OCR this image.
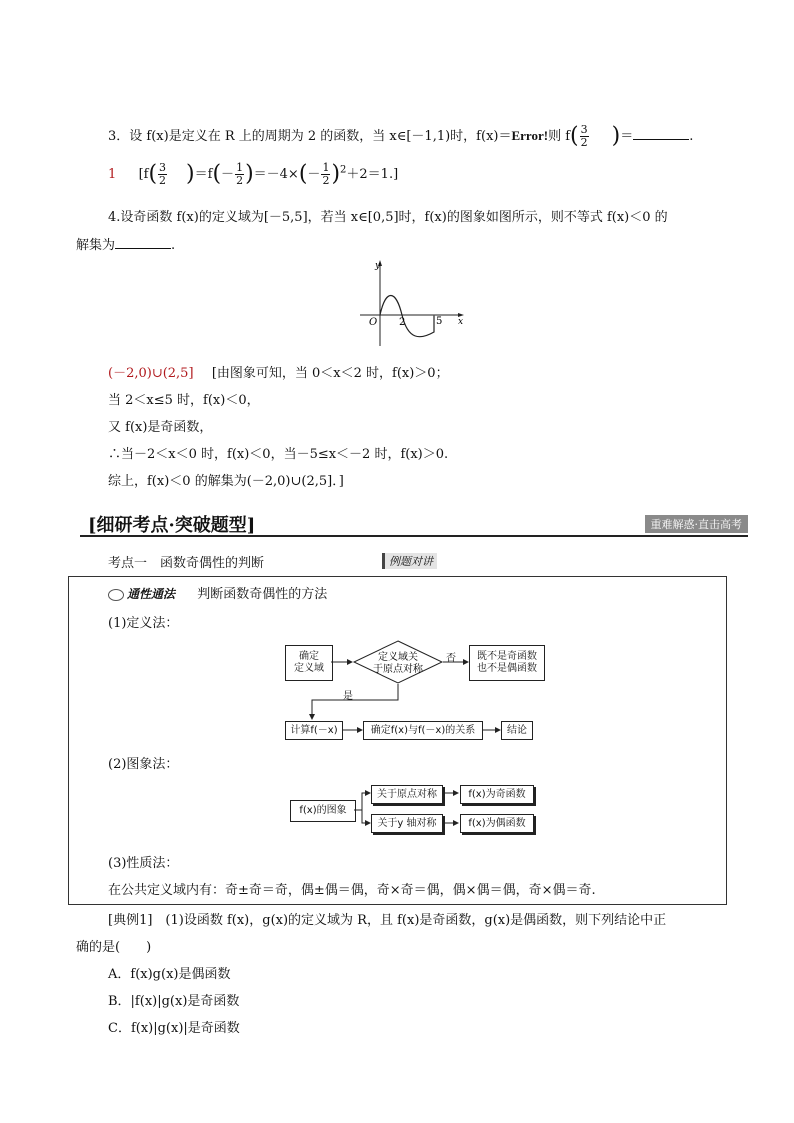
3．设 f(x)是定义在 R 上的周期为 2 的函数，当 x∈[－1,1)时，f(x)＝Error!则 $f( \frac{3}{2}$ )＝	.
1 $[f( \frac{3}{2} )=f(- \frac{1}{2} )=-4\times(- \frac{1}{2} )^2+2=1.]$
4.设奇函数 f(x)的定义域为[－5,5]，若当 x∈[0,5]时，f(x)的图象如图所示，则不等式 f(x)＜0 的
解集为	.
y
x
O 2	5
(－2,0)∪(2,5] [由图象可知，当 0＜x＜2 时，f(x)＞0；
当 2＜x≤5 时，f(x)＜0，
又 f(x)是奇函数，
∴当－2＜x＜0 时，f(x)＜0，当－5≤x＜－2 时，f(x)＞0.
综上，f(x)＜0 的解集为(－2,0)∪(2,5]．]
[细研考点·突破题型]	重难解惑·直击高考
考点一　函数奇偶性的判断	例题对讲
通性通法 判断函数奇偶性的方法
(1)定义法：
确定
定义域
定义域关
于原点对称
既不是奇函数
也不是偶函数
否
是
计算f(－x)	确定f(x)与f(－x)的关系	结论
(2)图象法：
f(x)的图象
关于原点对称
关于y 轴对称
f(x)为奇函数
f(x)为偶函数
(3)性质法：
在公共定义域内有：奇±奇＝奇，偶±偶＝偶，奇×奇＝偶，偶×偶＝偶，奇×偶＝奇.
[典例1]　(1)设函数 f(x)，g(x)的定义域为 R，且 f(x)是奇函数，g(x)是偶函数，则下列结论中正
确的是(　　)
A．f(x)g(x)是偶函数
B．|f(x)|g(x)是奇函数
C．f(x)|g(x)|是奇函数
